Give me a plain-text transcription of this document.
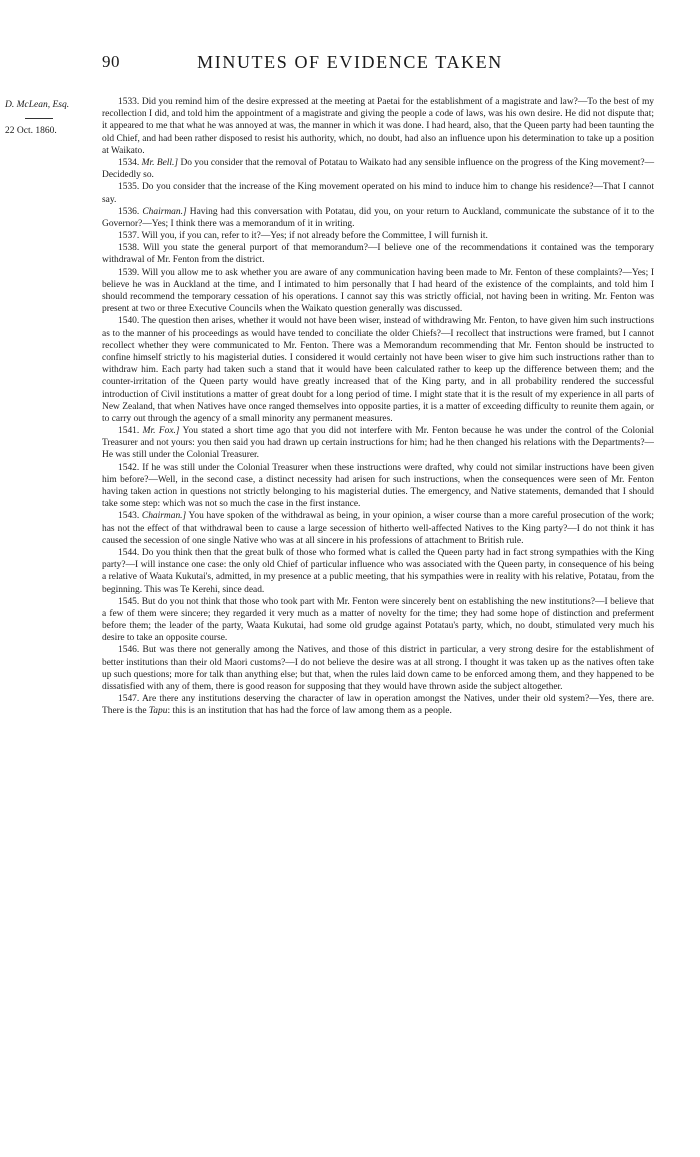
90	MINUTES OF EVIDENCE TAKEN
D. McLean, Esq.
22 Oct. 1860.

1533. Did you remind him of the desire expressed at the meeting at Paetai for the establishment of a magistrate and law?—To the best of my recollection I did, and told him the appointment of a magistrate and giving the people a code of laws, was his own desire. He did not dispute that; it appeared to me that what he was annoyed at was, the manner in which it was done. I had heard, also, that the Queen party had been taunting the old Chief, and had been rather disposed to resist his authority, which, no doubt, had also an influence upon his determination to take up a position at Waikato.

1534. Mr. Bell.] Do you consider that the removal of Potatau to Waikato had any sensible influence on the progress of the King movement?—Decidedly so.

1535. Do you consider that the increase of the King movement operated on his mind to induce him to change his residence?—That I cannot say.

1536. Chairman.] Having had this conversation with Potatau, did you, on your return to Auckland, communicate the substance of it to the Governor?—Yes; I think there was a memorandum of it in writing.

1537. Will you, if you can, refer to it?—Yes; if not already before the Committee, I will furnish it.

1538. Will you state the general purport of that memorandum?—I believe one of the recommendations it contained was the temporary withdrawal of Mr. Fenton from the district.

1539. Will you allow me to ask whether you are aware of any communication having been made to Mr. Fenton of these complaints?—Yes; I believe he was in Auckland at the time, and I intimated to him personally that I had heard of the existence of the complaints, and told him I should recommend the temporary cessation of his operations. I cannot say this was strictly official, not having been in writing. Mr. Fenton was present at two or three Executive Councils when the Waikato question generally was discussed.

1540. The question then arises, whether it would not have been wiser, instead of withdrawing Mr. Fenton, to have given him such instructions as to the manner of his proceedings as would have tended to conciliate the older Chiefs?—I recollect that instructions were framed, but I cannot recollect whether they were communicated to Mr. Fenton. There was a Memorandum recommending that Mr. Fenton should be instructed to confine himself strictly to his magisterial duties. I considered it would certainly not have been wiser to give him such instructions rather than to withdraw him. Each party had taken such a stand that it would have been calculated rather to keep up the difference between them; and the counter-irritation of the Queen party would have greatly increased that of the King party, and in all probability rendered the successful introduction of Civil institutions a matter of great doubt for a long period of time. I might state that it is the result of my experience in all parts of New Zealand, that when Natives have once ranged themselves into opposite parties, it is a matter of exceeding difficulty to reunite them again, or to carry out through the agency of a small minority any permanent measures.

1541. Mr. Fox.] You stated a short time ago that you did not interfere with Mr. Fenton because he was under the control of the Colonial Treasurer and not yours: you then said you had drawn up certain instructions for him; had he then changed his relations with the Departments?—He was still under the Colonial Treasurer.

1542. If he was still under the Colonial Treasurer when these instructions were drafted, why could not similar instructions have been given him before?—Well, in the second case, a distinct necessity had arisen for such instructions, when the consequences were seen of Mr. Fenton having taken action in questions not strictly belonging to his magisterial duties. The emergency, and Native statements, demanded that I should take some step: which was not so much the case in the first instance.

1543. Chairman.] You have spoken of the withdrawal as being, in your opinion, a wiser course than a more careful prosecution of the work; has not the effect of that withdrawal been to cause a large secession of hitherto well-affected Natives to the King party?—I do not think it has caused the secession of one single Native who was at all sincere in his professions of attachment to British rule.

1544. Do you think then that the great bulk of those who formed what is called the Queen party had in fact strong sympathies with the King party?—I will instance one case: the only old Chief of particular influence who was associated with the Queen party, in consequence of his being a relative of Waata Kukutai's, admitted, in my presence at a public meeting, that his sympathies were in reality with his relative, Potatau, from the beginning. This was Te Kerehi, since dead.

1545. But do you not think that those who took part with Mr. Fenton were sincerely bent on establishing the new institutions?—I believe that a few of them were sincere; they regarded it very much as a matter of novelty for the time; they had some hope of distinction and preferment before them; the leader of the party, Waata Kukutai, had some old grudge against Potatau's party, which, no doubt, stimulated very much his desire to take an opposite course.

1546. But was there not generally among the Natives, and those of this district in particular, a very strong desire for the establishment of better institutions than their old Maori customs?—I do not believe the desire was at all strong. I thought it was taken up as the natives often take up such questions; more for talk than anything else; but that, when the rules laid down came to be enforced among them, and they happened to be dissatisfied with any of them, there is good reason for supposing that they would have thrown aside the subject altogether.

1547. Are there any institutions deserving the character of law in operation amongst the Natives, under their old system?—Yes, there are. There is the Tapu: this is an institution that has had the force of law among them as a people.
